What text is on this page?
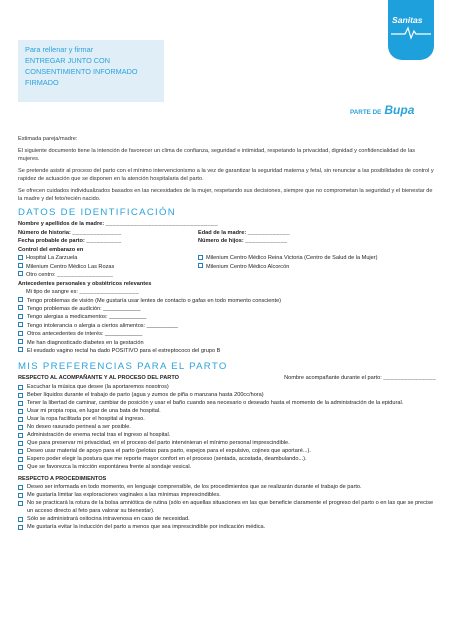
Para rellenar y firmar
ENTREGAR JUNTO CON
CONSENTIMIENTO INFORMADO
FIRMADO
Sanitas
PARTE DE Bupa

Estimada pareja/madre:

El siguiente documento tiene la intención de favorecer un clima de confianza, seguridad e intimidad, respetando la privacidad, dignidad y confidencialidad de las mujeres.

Se pretende asistir al proceso del parto con el mínimo intervencionismo a la vez de garantizar la seguridad materna y fetal, sin renunciar a las posibilidades de control y rapidez de actuación que se disponen en la atención hospitalaria del parto.

Se ofrecen cuidados individualizados basados en las necesidades de la mujer, respetando sus decisiones, siempre que no comprometan la seguridad y el bienestar de la madre y del feto/recién nacido.

DATOS DE IDENTIFICACIÓN
Nombre y apellidos de la madre:
________________________________
Número de historia: ______________	Edad de la madre: ____________
Fecha probable de parto: __________	Número de hijos: ____________
Control del embarazo en
Hospital La Zarzuela	Milenium Centro Médico Reina Victoria (Centro de Salud de la Mujer)
Milenium Centro Médico Las Rozas	Milenium Centro Médico Alcorcón
Otro centro:
________________
Antecedentes personales y obstétricos relevantes
Mi tipo de sangre es:
_________________
Tengo problemas de visión (Me gustaría usar lentes de contacto o gafas en todo momento consciente)
Tengo problemas de audición: ____________
Tengo alergias a medicamentos: ____________
Tengo intolerancia o alergia a ciertos alimentos: __________
Otros antecedentes de interés: ____________
Me han diagnosticado diabetes en la gestación
El exudado vagino rectal ha dado POSITIVO para el estreptococo del grupo B
MIS PREFERENCIAS PARA EL PARTO
RESPECTO AL ACOMPAÑANTE Y AL PROCESO DEL PARTO	Nombre acompañante durante el parto: _______________
Escuchar la música que desee (la aportaremos nosotros)
Beber líquidos durante el trabajo de parto (agua y zumos de piña o manzana hasta 200cc/hora)
Tener la libertad de caminar, cambiar de posición y usar el baño cuando sea necesario o deseado hasta el momento de la administración de la epidural.
Usar mi propia ropa, en lugar de una bata de hospital.
Usar la ropa facilitada por el hospital al ingreso.
No deseo rasurado perineal a ser posible.
Administración de enema rectal tras el ingreso al hospital.
Que para preservar mi privacidad, en el proceso del parto intervinieran el mínimo personal imprescindible.
Deseo usar material de apoyo para el parto (pelotas para parto, espejos para el expulsivo, cojines que aportaré...).
Espero poder elegir la postura que me reporte mayor confort en el proceso (sentada, acostada, deambulando...).
Que se favorezca la micción espontánea frente al sondaje vesical.
RESPECTO A PROCEDIMIENTOS
Deseo ser informada en todo momento, en lenguaje comprensible, de los procedimientos que se realizarán durante el trabajo de parto.
Me gustaría limitar las exploraciones vaginales a las mínimas imprescindibles.
No se practicará la rotura de la bolsa amniótica de rutina (sólo en aquellas situaciones en las que beneficie claramente el progreso del parto o en las que se precise un acceso directo al feto para valorar su bienestar).
Sólo se administrará oxitocina intravenosa en caso de necesidad.
Me gustaría evitar la inducción del parto a menos que sea imprescindible por indicación médica.
